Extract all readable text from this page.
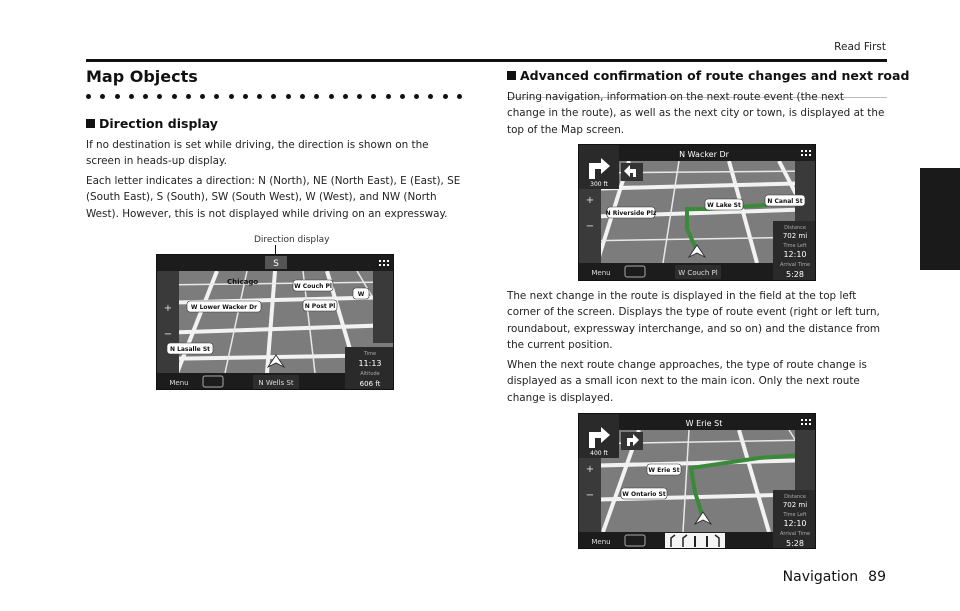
Read First
Map Objects
Direction display
If no destination is set while driving, the direction is shown on the
screen in heads-up display.
Each letter indicates a direction: N (North), NE (North East), E (East), SE
(South East), S (South), SW (South West), W (West), and NW (North
West). However, this is not displayed while driving on an expressway.
Direction display
S
+
−
Chicago
W Couch Pl
W Lower Wacker Dr	N Post Pl
N Lasalle St
W
Menu	N Wells St
Time
11:13
Altitude
606 ft
Advanced confirmation of route changes and next road
During navigation, information on the next route event (the next
change in the route), as well as the next city or town, is displayed at the
top of the Map screen.
N Wacker Dr
300 ft
+
−
N Riverside Plz
W Lake St
N Canal St
Menu	W Couch Pl
Distance
702 mi
Time Left
12:10
Arrival Time
5:28
The next change in the route is displayed in the field at the top left
corner of the screen. Displays the type of route event (right or left turn,
roundabout, expressway interchange, and so on) and the distance from
the current position.
When the next route change approaches, the type of route change is
displayed as a small icon next to the main icon. Only the next route
change is displayed.
W Erie St
400 ft
+
−
W Erie St
W Ontario St
Menu
Distance
702 mi
Time Left
12:10
Arrival Time
5:28
Navigation 89
